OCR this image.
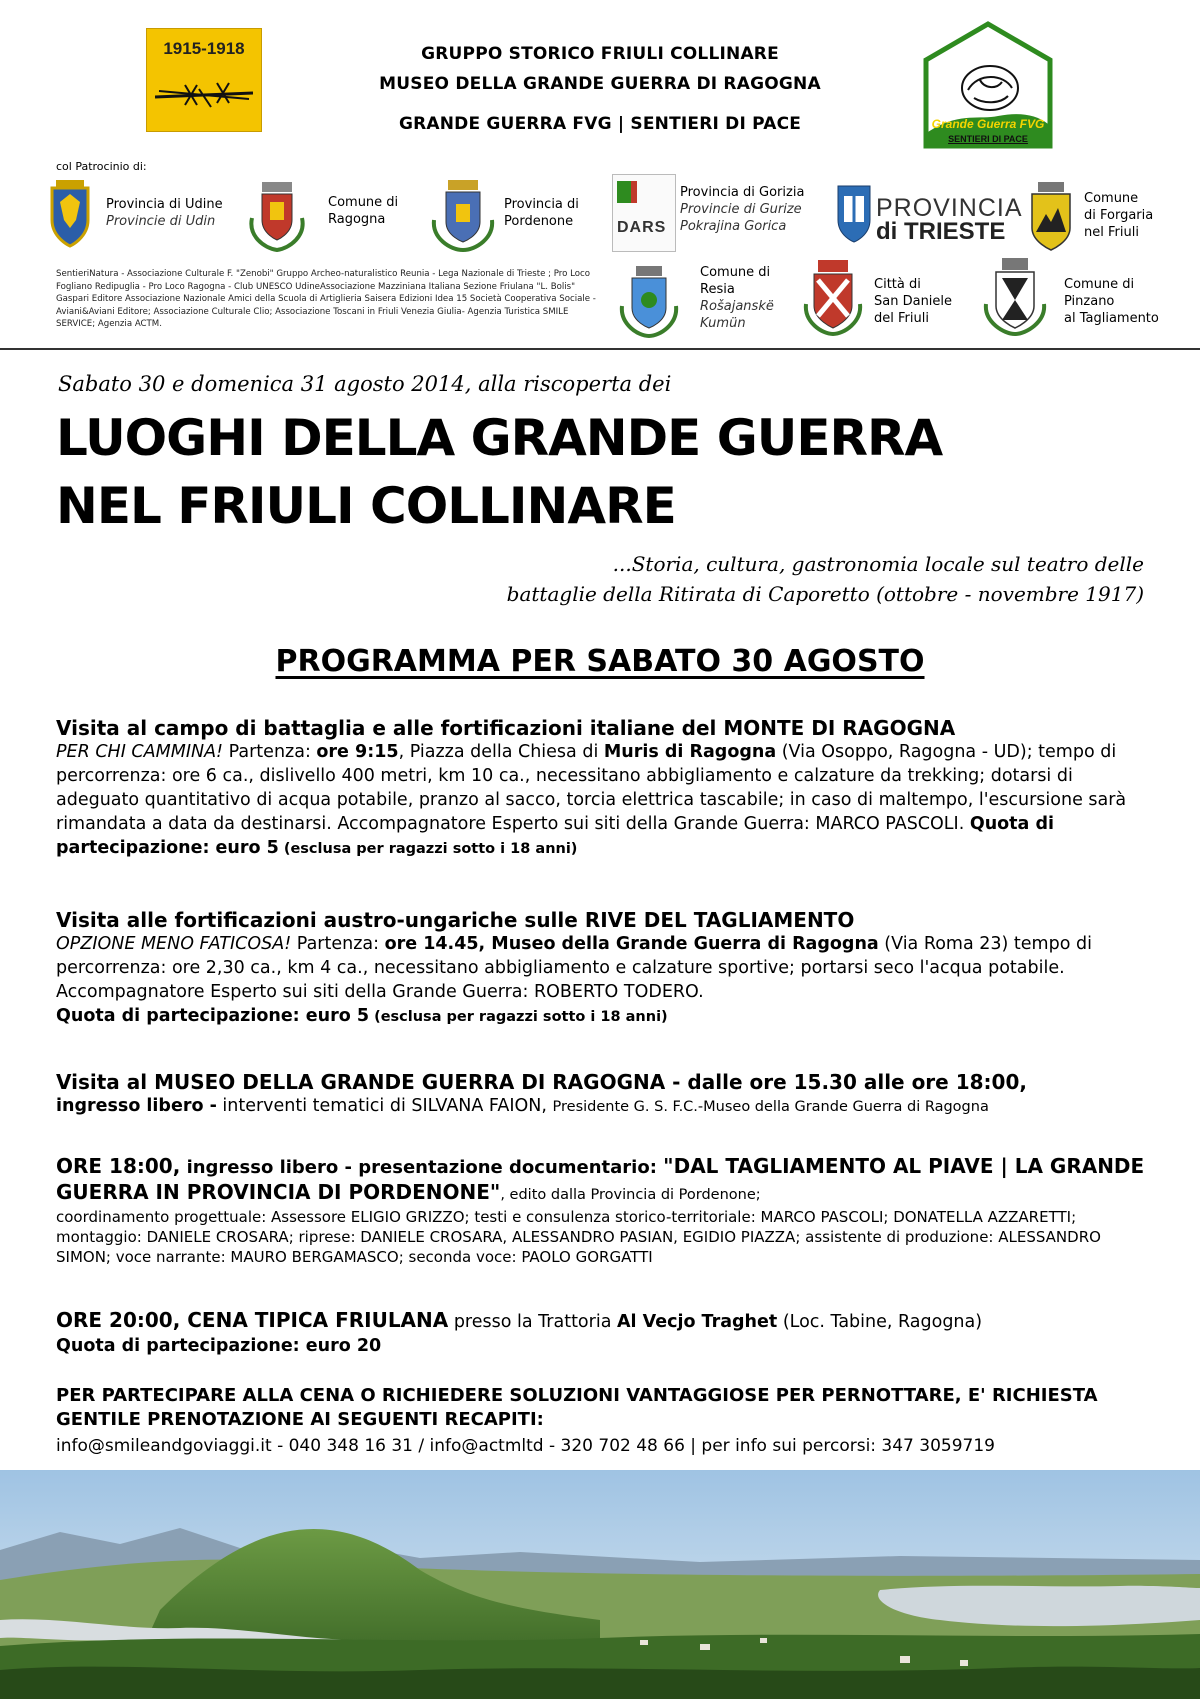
1915-1918	GRUPPO STORICO FRIULI COLLINARE
MUSEO DELLA GRANDE GUERRA DI RAGOGNA
GRANDE GUERRA FVG | SENTIERI DI PACE	Grande Guerra FVG
SENTIERI DI PACE
col Patrocinio di:
Provincia di Udine
Provincie di Udin
Comune di
Ragogna
Provincia di
Pordenone	DARS
Provincia di Gorizia
Provincie di Gurize
Pokrajina Gorica
PROVINCIA
di TRIESTE
Comune
di Forgaria
nel Friuli
SentieriNatura - Associazione Culturale F. "Zenobi" Gruppo Archeo-naturalistico Reunia - Lega Nazionale di Trieste ; Pro Loco Fogliano Redipuglia - Pro Loco Ragogna - Club UNESCO UdineAssociazione Mazziniana Italiana Sezione Friulana "L. Bolis" Gaspari Editore Associazione Nazionale Amici della Scuola di Artiglieria Saisera Edizioni Idea 15 Società Cooperativa Sociale - Aviani&Aviani Editore; Associazione Culturale Clio; Associazione Toscani in Friuli Venezia Giulia- Agenzia Turistica SMILE SERVICE; Agenzia ACTM.
Comune di
Resia
Rošajanskë
Kumün
Città di
San Daniele
del Friuli
Comune di
Pinzano
al Tagliamento
Sabato 30 e domenica 31 agosto 2014, alla riscoperta dei
LUOGHI DELLA GRANDE GUERRA
NEL FRIULI COLLINARE
...Storia, cultura, gastronomia locale sul teatro delle
battaglie della Ritirata di Caporetto (ottobre - novembre 1917)
PROGRAMMA PER SABATO 30 AGOSTO
Visita al campo di battaglia e alle fortificazioni italiane del MONTE DI RAGOGNA
PER CHI CAMMINA! Partenza: ore 9:15, Piazza della Chiesa di Muris di Ragogna (Via Osoppo, Ragogna - UD); tempo di percorrenza: ore 6 ca., dislivello 400 metri, km 10 ca., necessitano abbigliamento e calzature da trekking; dotarsi di adeguato quantitativo di acqua potabile, pranzo al sacco, torcia elettrica tascabile; in caso di maltempo, l'escursione sarà rimandata a data da destinarsi. Accompagnatore Esperto sui siti della Grande Guerra: MARCO PASCOLI. Quota di partecipazione: euro 5 (esclusa per ragazzi sotto i 18 anni)
Visita alle fortificazioni austro-ungariche sulle RIVE DEL TAGLIAMENTO
OPZIONE MENO FATICOSA! Partenza: ore 14.45, Museo della Grande Guerra di Ragogna (Via Roma 23) tempo di percorrenza: ore 2,30 ca., km 4 ca., necessitano abbigliamento e calzature sportive; portarsi seco l'acqua potabile. Accompagnatore Esperto sui siti della Grande Guerra: ROBERTO TODERO.
Quota di partecipazione: euro 5 (esclusa per ragazzi sotto i 18 anni)
Visita al MUSEO DELLA GRANDE GUERRA DI RAGOGNA - dalle ore 15.30 alle ore 18:00,
ingresso libero - interventi tematici di SILVANA FAION, Presidente G. S. F.C.-Museo della Grande Guerra di Ragogna
ORE 18:00, ingresso libero - presentazione documentario: "DAL TAGLIAMENTO AL PIAVE | LA GRANDE GUERRA IN PROVINCIA DI PORDENONE", edito dalla Provincia di Pordenone;
coordinamento progettuale: Assessore ELIGIO GRIZZO; testi e consulenza storico-territoriale: MARCO PASCOLI; DONATELLA AZZARETTI; montaggio: DANIELE CROSARA; riprese: DANIELE CROSARA, ALESSANDRO PASIAN, EGIDIO PIAZZA; assistente di produzione: ALESSANDRO SIMON; voce narrante: MAURO BERGAMASCO; seconda voce: PAOLO GORGATTI
ORE 20:00, CENA TIPICA FRIULANA presso la Trattoria Al Vecjo Traghet (Loc. Tabine, Ragogna)
Quota di partecipazione: euro 20
PER PARTECIPARE ALLA CENA O RICHIEDERE SOLUZIONI VANTAGGIOSE PER PERNOTTARE, E' RICHIESTA GENTILE PRENOTAZIONE AI SEGUENTI RECAPITI:
info@smileandgoviaggi.it - 040 348 16 31 / info@actmltd - 320 702 48 66 | per info sui percorsi: 347 3059719
